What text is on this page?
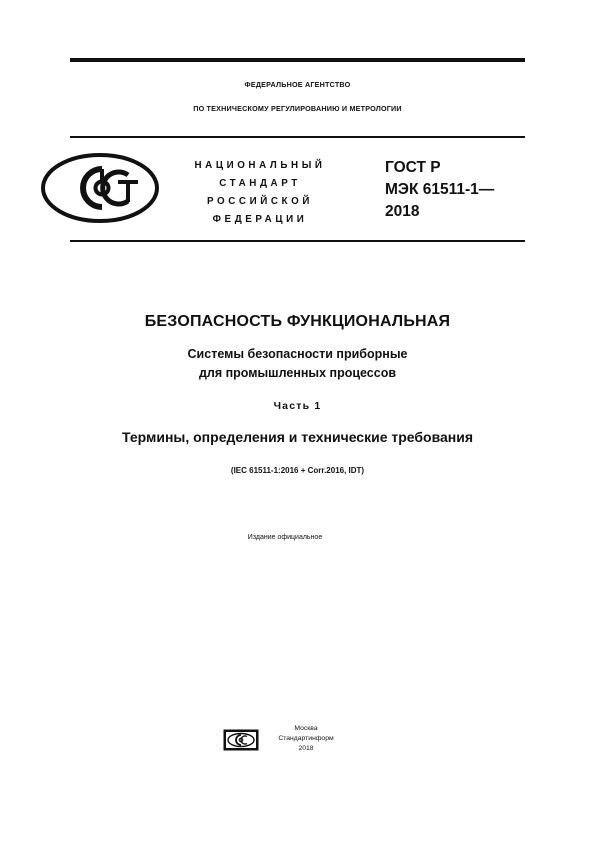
ФЕДЕРАЛЬНОЕ АГЕНТСТВО
ПО ТЕХНИЧЕСКОМУ РЕГУЛИРОВАНИЮ И МЕТРОЛОГИИ
НАЦИОНАЛЬНЫЙ
СТАНДАРТ
РОССИЙСКОЙ
ФЕДЕРАЦИИ
ГОСТ Р
МЭК 61511-1—
2018
БЕЗОПАСНОСТЬ ФУНКЦИОНАЛЬНАЯ
Системы безопасности приборные
для промышленных процессов
Часть 1
Термины, определения и технические требования
(IEC 61511-1:2016 + Corr.2016, IDT)
Издание официальное
Москва
Стандартинформ
2018
